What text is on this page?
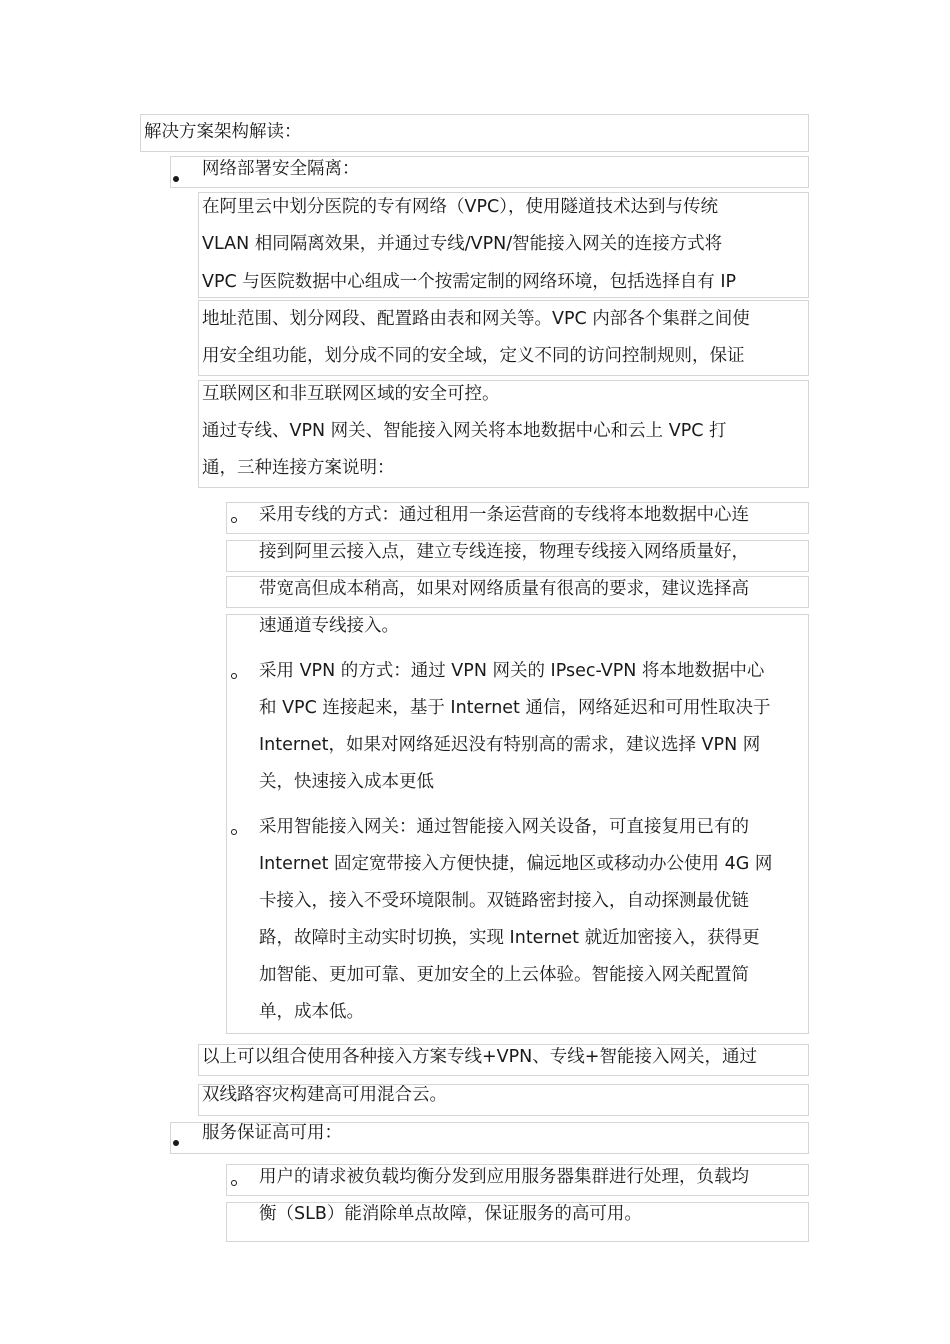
解决方案架构解读：
网络部署安全隔离：
在阿里云中划分医院的专有网络（VPC），使用隧道技术达到与传统
VLAN 相同隔离效果，并通过专线/VPN/智能接入网关的连接方式将
VPC 与医院数据中心组成一个按需定制的网络环境，包括选择自有 IP
地址范围、划分网段、配置路由表和网关等。VPC 内部各个集群之间使
用安全组功能，划分成不同的安全域，定义不同的访问控制规则，保证
互联网区和非互联网区域的安全可控。
通过专线、VPN 网关、智能接入网关将本地数据中心和云上 VPC 打
通，三种连接方案说明：
采用专线的方式：通过租用一条运营商的专线将本地数据中心连
接到阿里云接入点，建立专线连接，物理专线接入网络质量好，
带宽高但成本稍高，如果对网络质量有很高的要求，建议选择高
速通道专线接入。
采用 VPN 的方式：通过 VPN 网关的 IPsec-VPN 将本地数据中心
和 VPC 连接起来，基于 Internet 通信，网络延迟和可用性取决于
Internet，如果对网络延迟没有特别高的需求，建议选择 VPN 网
关，快速接入成本更低
采用智能接入网关：通过智能接入网关设备，可直接复用已有的
Internet 固定宽带接入方便快捷，偏远地区或移动办公使用 4G 网
卡接入，接入不受环境限制。双链路密封接入，自动探测最优链
路，故障时主动实时切换，实现 Internet 就近加密接入，获得更
加智能、更加可靠、更加安全的上云体验。智能接入网关配置简
单，成本低。
以上可以组合使用各种接入方案专线+VPN、专线+智能接入网关，通过
双线路容灾构建高可用混合云。
服务保证高可用：
用户的请求被负载均衡分发到应用服务器集群进行处理，负载均
衡（SLB）能消除单点故障，保证服务的高可用。
